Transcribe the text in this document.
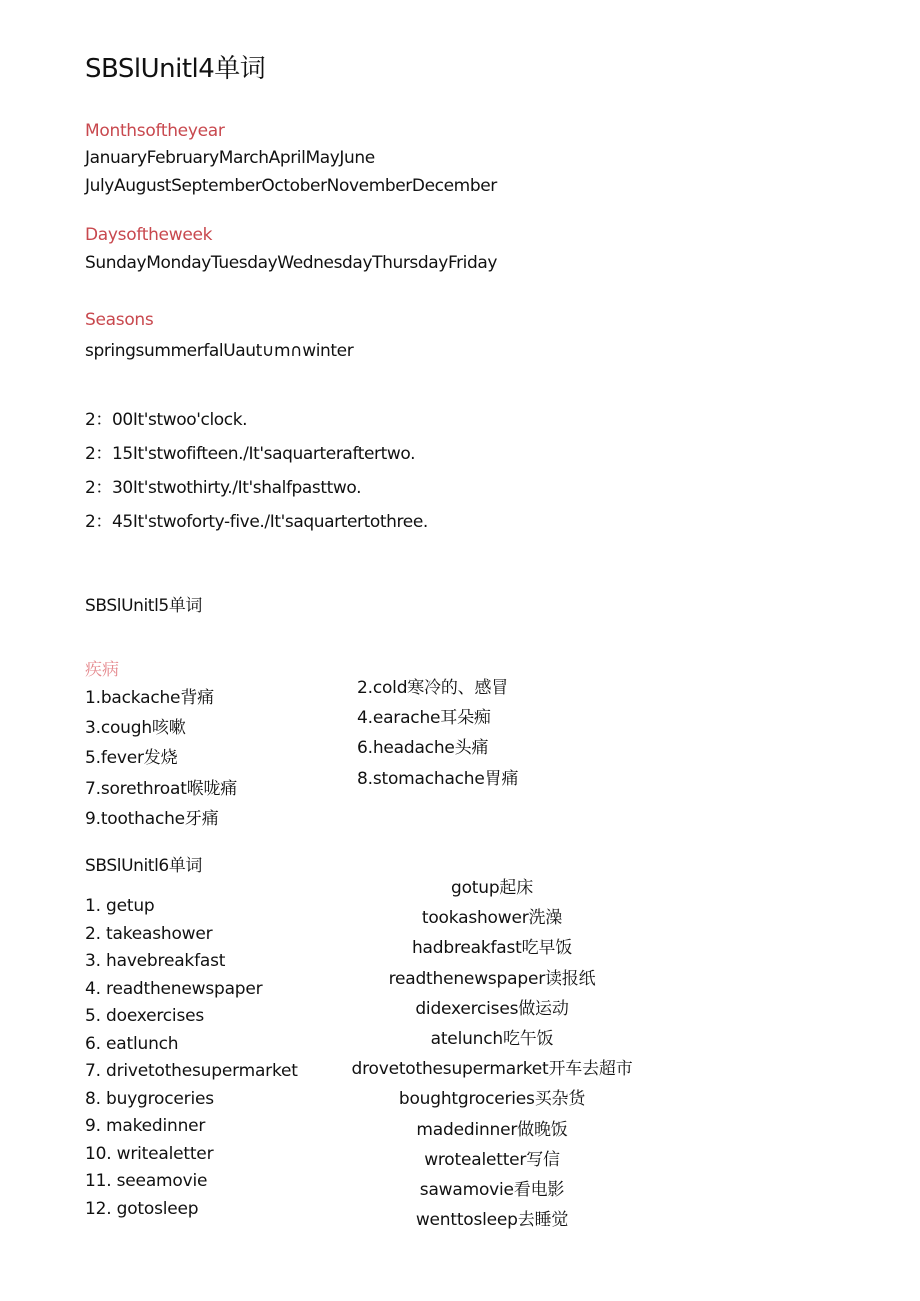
SBSlUnitl4单词
Monthsoftheyear
JanuaryFebruaryMarchAprilMayJune
JulyAugustSeptemberOctoberNovemberDecember
Daysoftheweek
SundayMondayTuesdayWednesdayThursdayFriday
Seasons
springsummerfalUaut∪m∩winter
2：00It'stwoo'clock.
2：15It'stwofifteen./It'saquarteraftertwo.
2：30It'stwothirty./It'shalfpasttwo.
2：45It'stwoforty-five./It'saquartertothree.
SBSlUnitl5单词
疾病
1.backache背痛
3.cough咳嗽
5.fever发烧
7.sorethroat喉咙痛
9.toothache牙痛
2.cold寒冷的、感冒
4.earache耳朵痴
6.headache头痛
8.stomachache胃痛
SBSlUnitl6单词
1. getup
2. takeashower
3. havebreakfast
4. readthenewspaper
5. doexercises
6. eatlunch
7. drivetothesupermarket
8. buygroceries
9. makedinner
10. writealetter
11. seeamovie
12. gotosleep
gotup起床
tookashower洗澡
hadbreakfast吃早饭
readthenewspaper读报纸
didexercises做运动
atelunch吃午饭
drovetothesupermarket开车去超市
boughtgroceries买杂货
madedinner做晚饭
wrotealetter写信
sawamovie看电影
wenttosleep去睡觉
